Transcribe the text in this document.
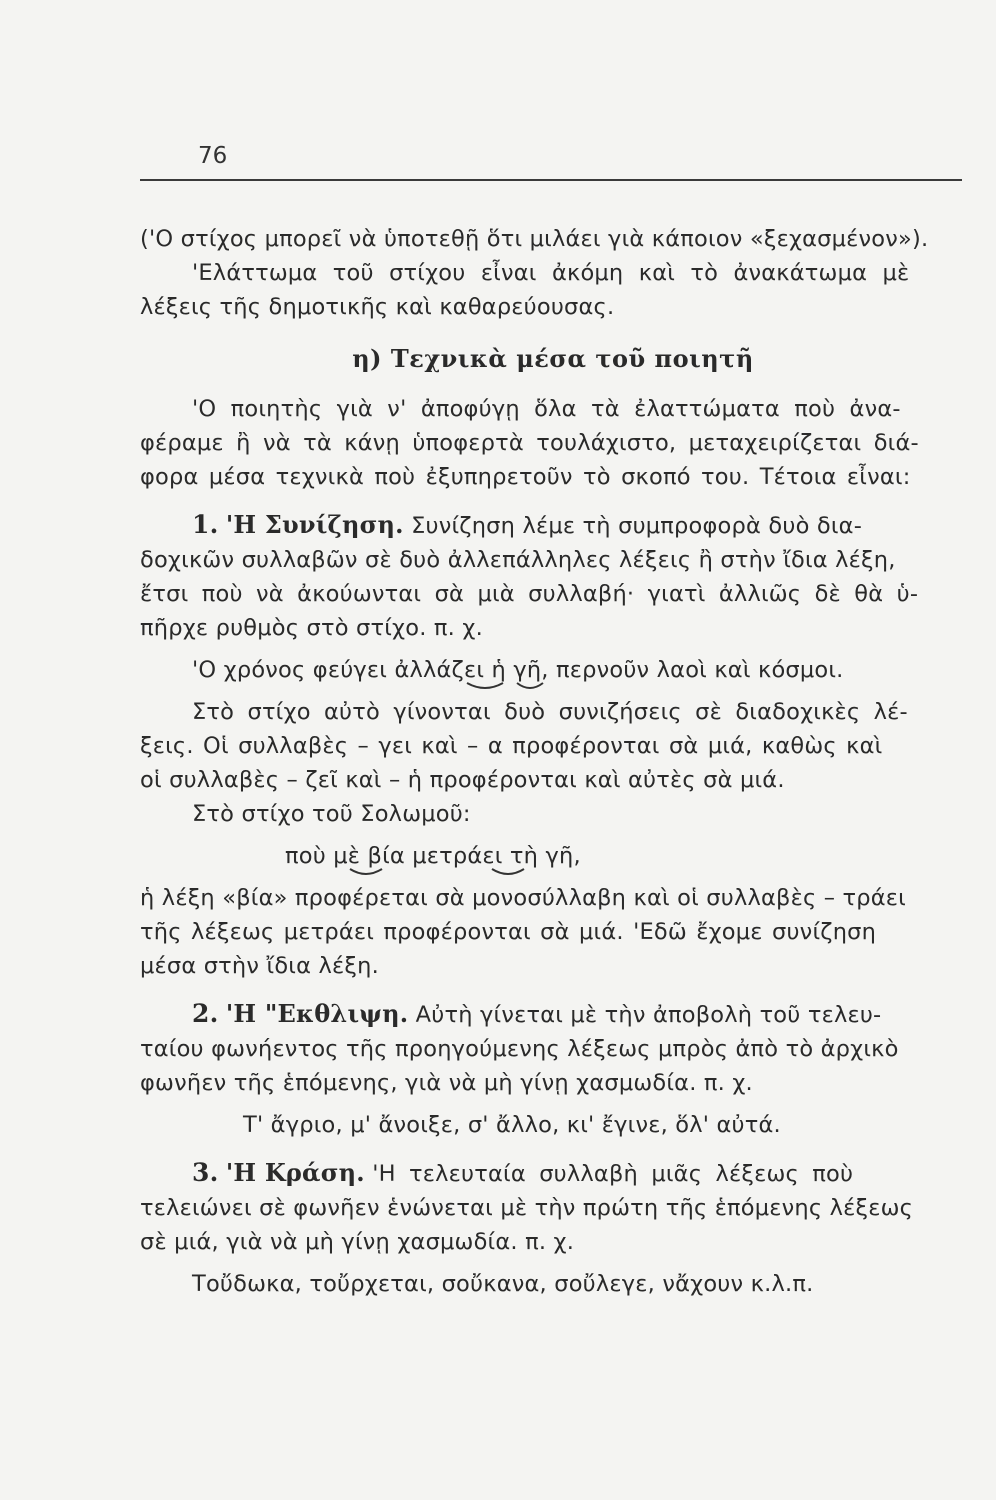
76

('Ο στίχος μπορεῖ νὰ ὑποτεθῇ ὅτι μιλάει γιὰ κάποιον «ξεχασμένον»).
'Ελάττωμα τοῦ στίχου εἶναι ἀκόμη καὶ τὸ ἀνακάτωμα μὲ
λέξεις τῆς δημοτικῆς καὶ καθαρεύουσας.

η) Τεχνικὰ μέσα τοῦ ποιητῆ

'Ο ποιητὴς γιὰ ν' ἀποφύγῃ ὅλα τὰ ἐλαττώματα ποὺ ἀνα-
φέραμε ἢ νὰ τὰ κάνῃ ὑποφερτὰ τουλάχιστο, μεταχειρίζεται διά-
φορα μέσα τεχνικὰ ποὺ ἐξυπηρετοῦν τὸ σκοπό του. Τέτοια εἶναι:

1. 'Η Συνίζηση. Συνίζηση λέμε τὴ συμπροφορὰ δυὸ δια-
δοχικῶν συλλαβῶν σὲ δυὸ ἀλλεπάλληλες λέξεις ἢ στὴν ἴδια λέξη,
ἔτσι ποὺ νὰ ἀκούωνται σὰ μιὰ συλλαβή· γιατὶ ἀλλιῶς δὲ θὰ ὑ-
πῆρχε ρυθμὸς στὸ στίχο. π. χ.

'Ο χρόνος φεύγει ἀλλάζει ἡ γῆ, περνοῦν λαοὶ καὶ κόσμοι.

Στὸ στίχο αὐτὸ γίνονται δυὸ συνιζήσεις σὲ διαδοχικὲς λέ-
ξεις. Οἱ συλλαβὲς – γει καὶ – α προφέρονται σὰ μιά, καθὼς καὶ
οἱ συλλαβὲς – ζεῖ καὶ – ἡ προφέρονται καὶ αὐτὲς σὰ μιά.
Στὸ στίχο τοῦ Σολωμοῦ:

ποὺ μὲ βία μετράει τὴ γῆ,

ἡ λέξη «βία» προφέρεται σὰ μονοσύλλαβη καὶ οἱ συλλαβὲς – τράει
τῆς λέξεως μετράει προφέρονται σὰ μιά. 'Εδῶ ἔχομε συνίζηση
μέσα στὴν ἴδια λέξη.

2. 'Η "Εκθλιψη. Αὐτὴ γίνεται μὲ τὴν ἀποβολὴ τοῦ τελευ-
ταίου φωνήεντος τῆς προηγούμενης λέξεως μπρὸς ἀπὸ τὸ ἀρχικὸ
φωνῆεν τῆς ἑπόμενης, γιὰ νὰ μὴ γίνῃ χασμωδία. π. χ.

Τ' ἄγριο, μ' ἄνοιξε, σ' ἄλλο, κι' ἔγινε, ὅλ' αὐτά.

3. 'Η Κράση. 'Η τελευταία συλλαβὴ μιᾶς λέξεως ποὺ
τελειώνει σὲ φωνῆεν ἑνώνεται μὲ τὴν πρώτη τῆς ἑπόμενης λέξεως
σὲ μιά, γιὰ νὰ μὴ γίνῃ χασμωδία. π. χ.

Τοὔδωκα, τοὔρχεται, σοὔκανα, σοὔλεγε, νἄχουν κ.λ.π.
